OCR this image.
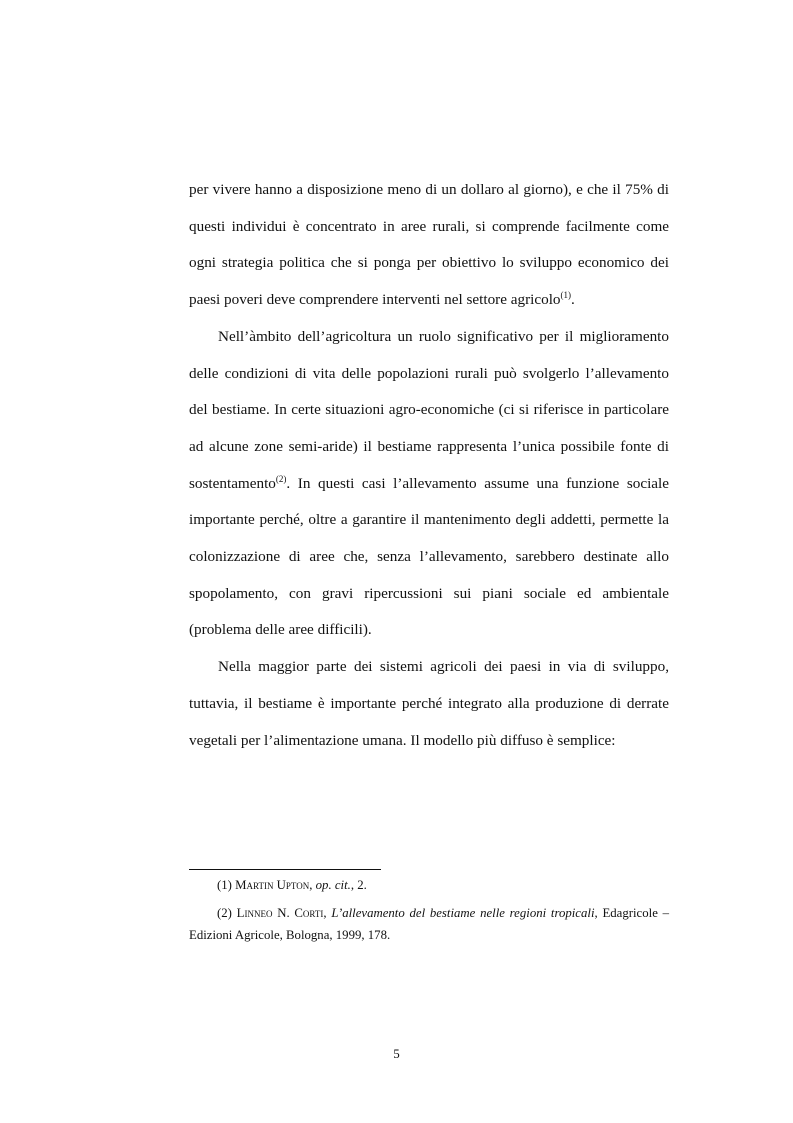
per vivere hanno a disposizione meno di un dollaro al giorno), e che il 75% di questi individui è concentrato in aree rurali, si comprende facilmente come ogni strategia politica che si ponga per obiettivo lo sviluppo economico dei paesi poveri deve comprendere interventi nel settore agricolo$^{(1)}$.

Nell’àmbito dell’agricoltura un ruolo significativo per il miglioramento delle condizioni di vita delle popolazioni rurali può svolgerlo l’allevamento del bestiame. In certe situazioni agro-economiche (ci si riferisce in particolare ad alcune zone semi-aride) il bestiame rappresenta l’unica possibile fonte di sostentamento$^{(2)}$. In questi casi l’allevamento assume una funzione sociale importante perché, oltre a garantire il mantenimento degli addetti, permette la colonizzazione di aree che, senza l’allevamento, sarebbero destinate allo spopolamento, con gravi ripercussioni sui piani sociale ed ambientale (problema delle aree difficili).

Nella maggior parte dei sistemi agricoli dei paesi in via di sviluppo, tuttavia, il bestiame è importante perché integrato alla produzione di derrate vegetali per l’alimentazione umana. Il modello più diffuso è semplice:

(1) Martin Upton, op. cit., 2.

(2) Linneo N. Corti, L’allevamento del bestiame nelle regioni tropicali, Edagricole – Edizioni Agricole, Bologna, 1999, 178.

5
